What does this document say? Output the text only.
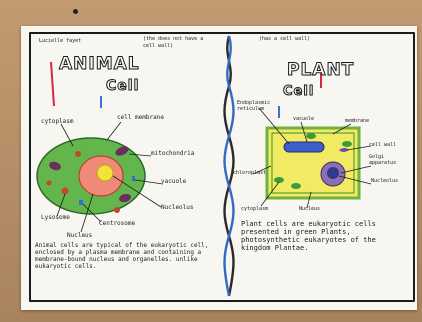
Lucielle fayet	(the does not have a cell wall)
(has a cell wall)
ANIMAL
Cell
cytoplasm
cell membrane
mitochondria
vacuole
Nucleolus
Lysosome
Centrosome
Nucleus
Animal cells are typical of the eukaryotic cell, enclosed by a plasma membrane and containing a membrane-bound nucleus and organelles. unlike eukaryotic cells.
PLANT
Cell
Endoplasmic reticulum
vacuole	membrane
cell wall
Golgi apparatus
Nucleolus
chloroplast
cytoplasm	Nucleus
Plant cells are eukaryotic cells presented in green Plants, photosynthetic eukaryotes of the kingdom Plantae.
